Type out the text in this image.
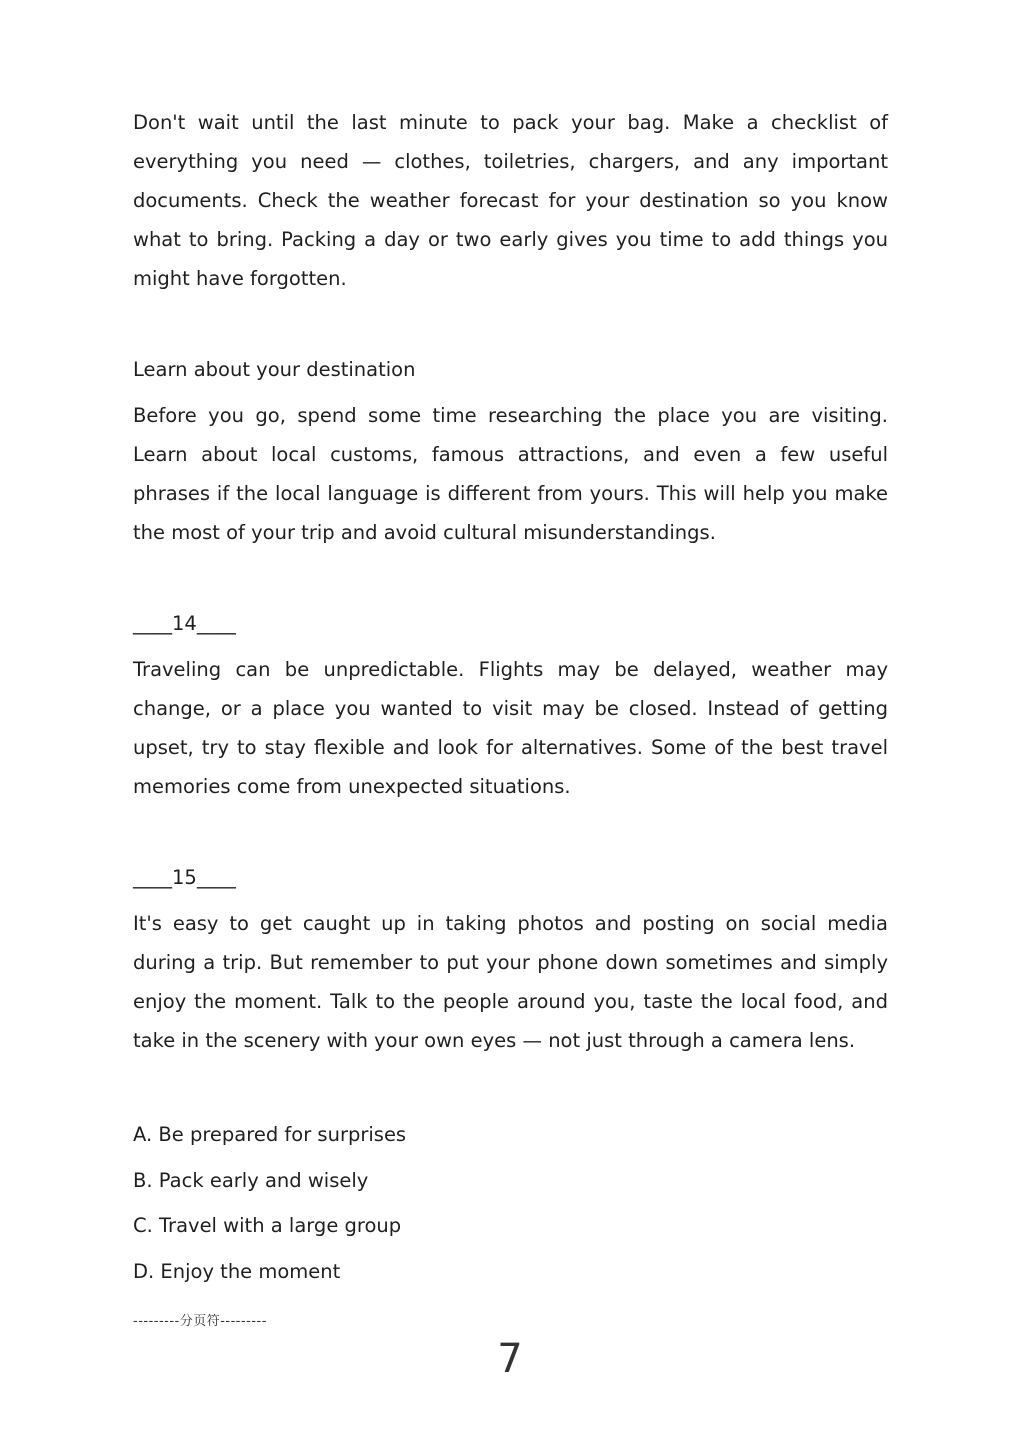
Don't wait until the last minute to pack your bag. Make a checklist of everything you need — clothes, toiletries, chargers, and any important documents. Check the weather forecast for your destination so you know what to bring. Packing a day or two early gives you time to add things you might have forgotten.

Learn about your destination

Before you go, spend some time researching the place you are visiting. Learn about local customs, famous attractions, and even a few useful phrases if the local language is different from yours. This will help you make the most of your trip and avoid cultural misunderstandings.

____14____

Traveling can be unpredictable. Flights may be delayed, weather may change, or a place you wanted to visit may be closed. Instead of getting upset, try to stay flexible and look for alternatives. Some of the best travel memories come from unexpected situations.

____15____

It's easy to get caught up in taking photos and posting on social media during a trip. But remember to put your phone down sometimes and simply enjoy the moment. Talk to the people around you, taste the local food, and take in the scenery with your own eyes — not just through a camera lens.

A. Be prepared for surprises

B. Pack early and wisely

C. Travel with a large group

D. Enjoy the moment

---------分页符---------
7
